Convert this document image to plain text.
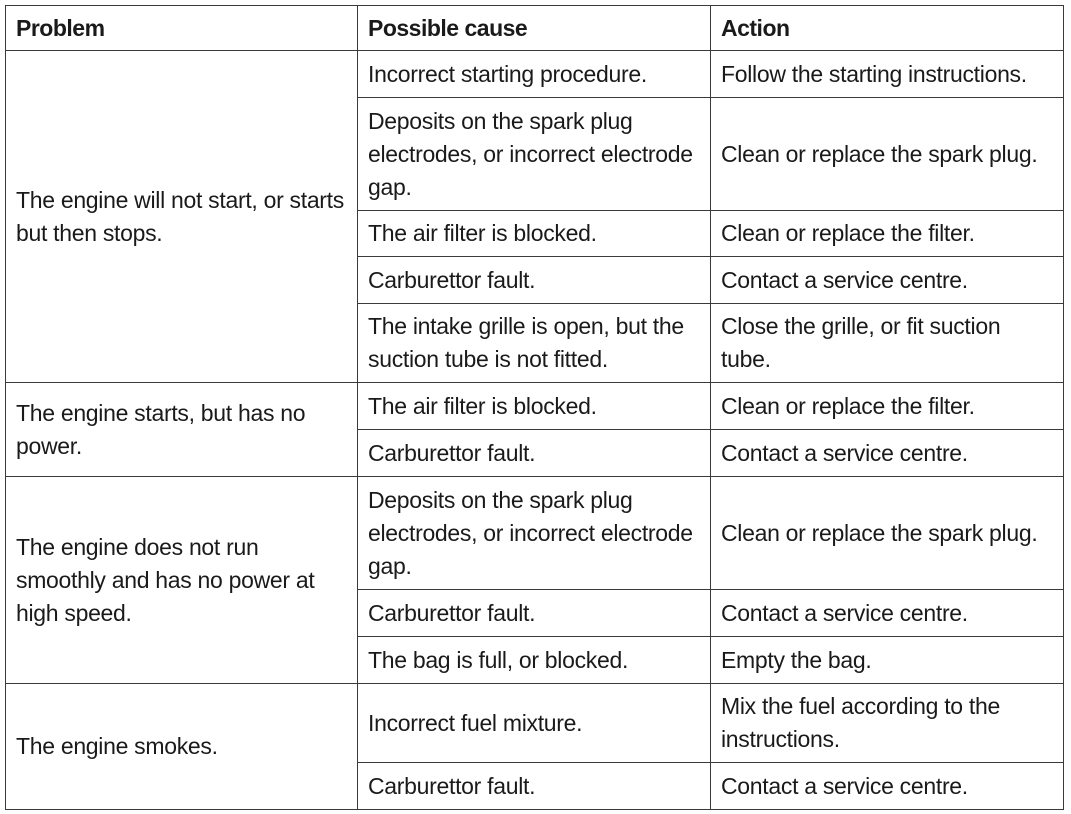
Problem	Possible cause	Action
The engine will not start, or starts but then stops.	Incorrect starting procedure.	Follow the starting instructions.
	Deposits on the spark plug electrodes, or incorrect electrode gap.	Clean or replace the spark plug.
	The air filter is blocked.	Clean or replace the filter.
	Carburettor fault.	Contact a service centre.
	The intake grille is open, but the suction tube is not fitted.	Close the grille, or fit suction tube.
The engine starts, but has no power.	The air filter is blocked.	Clean or replace the filter.
	Carburettor fault.	Contact a service centre.
The engine does not run smoothly and has no power at high speed.	Deposits on the spark plug electrodes, or incorrect electrode gap.	Clean or replace the spark plug.
	Carburettor fault.	Contact a service centre.
	The bag is full, or blocked.	Empty the bag.
The engine smokes.	Incorrect fuel mixture.	Mix the fuel according to the instructions.
	Carburettor fault.	Contact a service centre.
